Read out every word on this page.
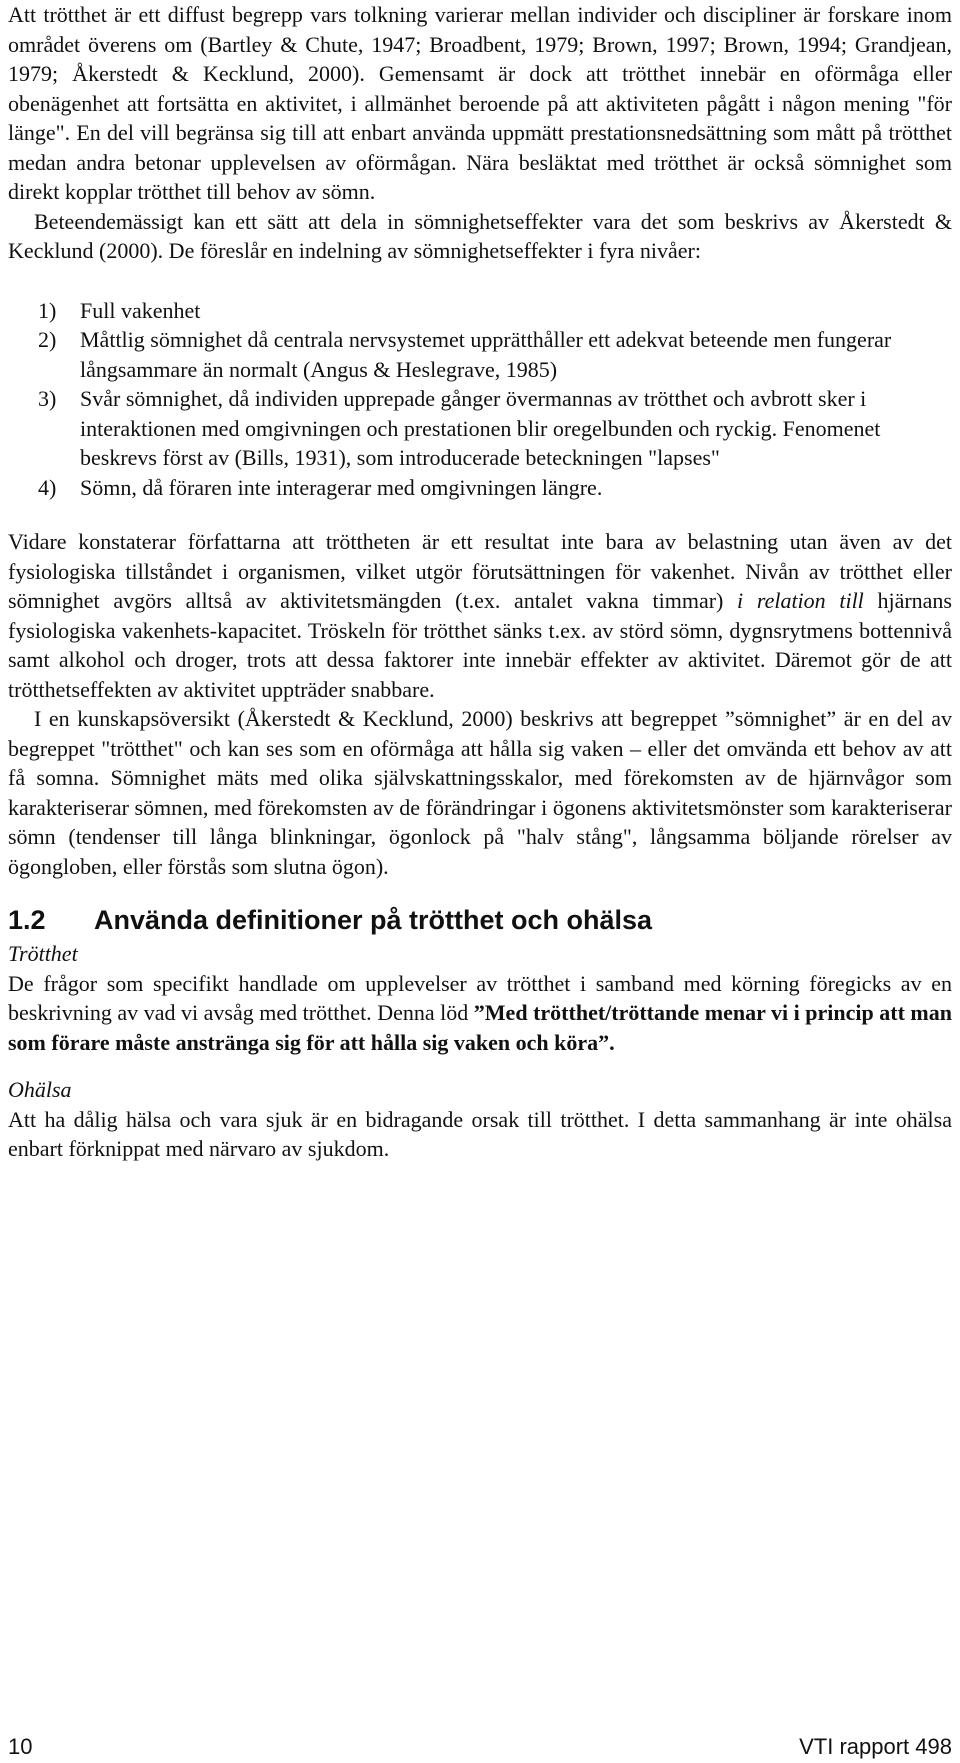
Att trötthet är ett diffust begrepp vars tolkning varierar mellan individer och discipliner är forskare inom området överens om (Bartley & Chute, 1947; Broadbent, 1979; Brown, 1997; Brown, 1994; Grandjean, 1979; Åkerstedt & Kecklund, 2000). Gemensamt är dock att trötthet innebär en oförmåga eller obenägenhet att fortsätta en aktivitet, i allmänhet beroende på att aktiviteten pågått i någon mening "för länge". En del vill begränsa sig till att enbart använda uppmätt prestationsnedsättning som mått på trötthet medan andra betonar upplevelsen av oförmågan. Nära besläktat med trötthet är också sömnighet som direkt kopplar trötthet till behov av sömn.

Beteendemässigt kan ett sätt att dela in sömnighetseffekter vara det som beskrivs av Åkerstedt & Kecklund (2000). De föreslår en indelning av sömnighetseffekter i fyra nivåer:

1) Full vakenhet
2) Måttlig sömnighet då centrala nervsystemet upprätthåller ett adekvat beteende men fungerar långsammare än normalt (Angus & Heslegrave, 1985)
3) Svår sömnighet, då individen upprepade gånger övermannas av trötthet och avbrott sker i interaktionen med omgivningen och prestationen blir oregelbunden och ryckig. Fenomenet beskrevs först av (Bills, 1931), som introducerade beteckningen "lapses"
4) Sömn, då föraren inte interagerar med omgivningen längre.

Vidare konstaterar författarna att tröttheten är ett resultat inte bara av belastning utan även av det fysiologiska tillståndet i organismen, vilket utgör förutsättningen för vakenhet. Nivån av trötthet eller sömnighet avgörs alltså av aktivitetsmängden (t.ex. antalet vakna timmar) i relation till hjärnans fysiologiska vakenhets-kapacitet. Tröskeln för trötthet sänks t.ex. av störd sömn, dygnsrytmens bottennivå samt alkohol och droger, trots att dessa faktorer inte innebär effekter av aktivitet. Däremot gör de att trötthetseffekten av aktivitet uppträder snabbare.

I en kunskapsöversikt (Åkerstedt & Kecklund, 2000) beskrivs att begreppet ”sömnighet” är en del av begreppet "trötthet" och kan ses som en oförmåga att hålla sig vaken – eller det omvända ett behov av att få somna. Sömnighet mäts med olika självskattningsskalor, med förekomsten av de hjärnvågor som karakteriserar sömnen, med förekomsten av de förändringar i ögonens aktivitetsmönster som karakteriserar sömn (tendenser till långa blinkningar, ögonlock på "halv stång", långsamma böljande rörelser av ögongloben, eller förstås som slutna ögon).

1.2	Använda definitioner på trötthet och ohälsa
Trötthet

De frågor som specifikt handlade om upplevelser av trötthet i samband med körning föregicks av en beskrivning av vad vi avsåg med trötthet. Denna löd ”Med trötthet/tröttande menar vi i princip att man som förare måste anstränga sig för att hålla sig vaken och köra”.

Ohälsa

Att ha dålig hälsa och vara sjuk är en bidragande orsak till trötthet. I detta sammanhang är inte ohälsa enbart förknippat med närvaro av sjukdom.

10	VTI rapport 498
